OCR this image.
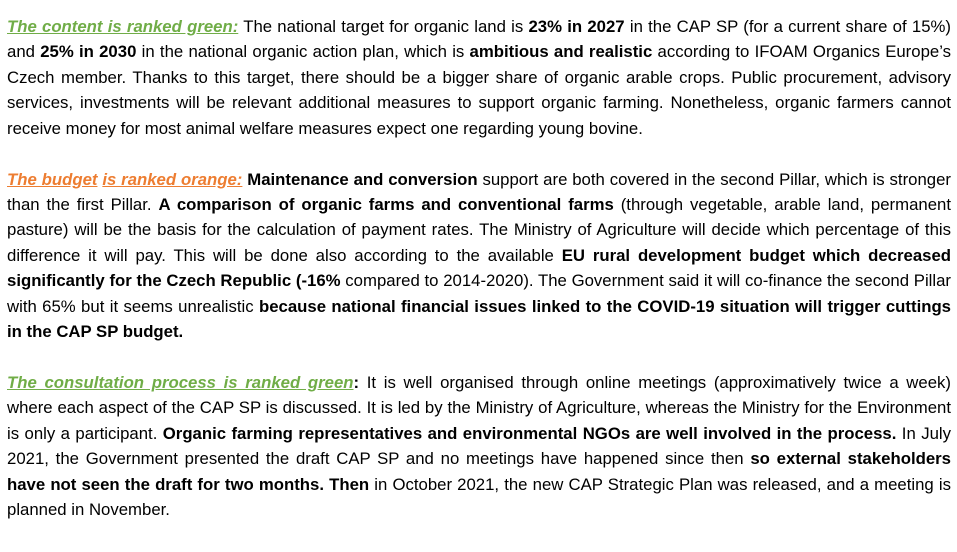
The content is ranked green: The national target for organic land is 23% in 2027 in the CAP SP (for a current share of 15%) and 25% in 2030 in the national organic action plan, which is ambitious and realistic according to IFOAM Organics Europe’s Czech member. Thanks to this target, there should be a bigger share of organic arable crops. Public procurement, advisory services, investments will be relevant additional measures to support organic farming. Nonetheless, organic farmers cannot receive money for most animal welfare measures expect one regarding young bovine.

The budget is ranked orange: Maintenance and conversion support are both covered in the second Pillar, which is stronger than the first Pillar. A comparison of organic farms and conventional farms (through vegetable, arable land, permanent pasture) will be the basis for the calculation of payment rates. The Ministry of Agriculture will decide which percentage of this difference it will pay. This will be done also according to the available EU rural development budget which decreased significantly for the Czech Republic (-16% compared to 2014-2020). The Government said it will co-finance the second Pillar with 65% but it seems unrealistic because national financial issues linked to the COVID-19 situation will trigger cuttings in the CAP SP budget.

The consultation process is ranked green: It is well organised through online meetings (approximatively twice a week) where each aspect of the CAP SP is discussed. It is led by the Ministry of Agriculture, whereas the Ministry for the Environment is only a participant. Organic farming representatives and environmental NGOs are well involved in the process. In July 2021, the Government presented the draft CAP SP and no meetings have happened since then so external stakeholders have not seen the draft for two months. Then in October 2021, the new CAP Strategic Plan was released, and a meeting is planned in November.
